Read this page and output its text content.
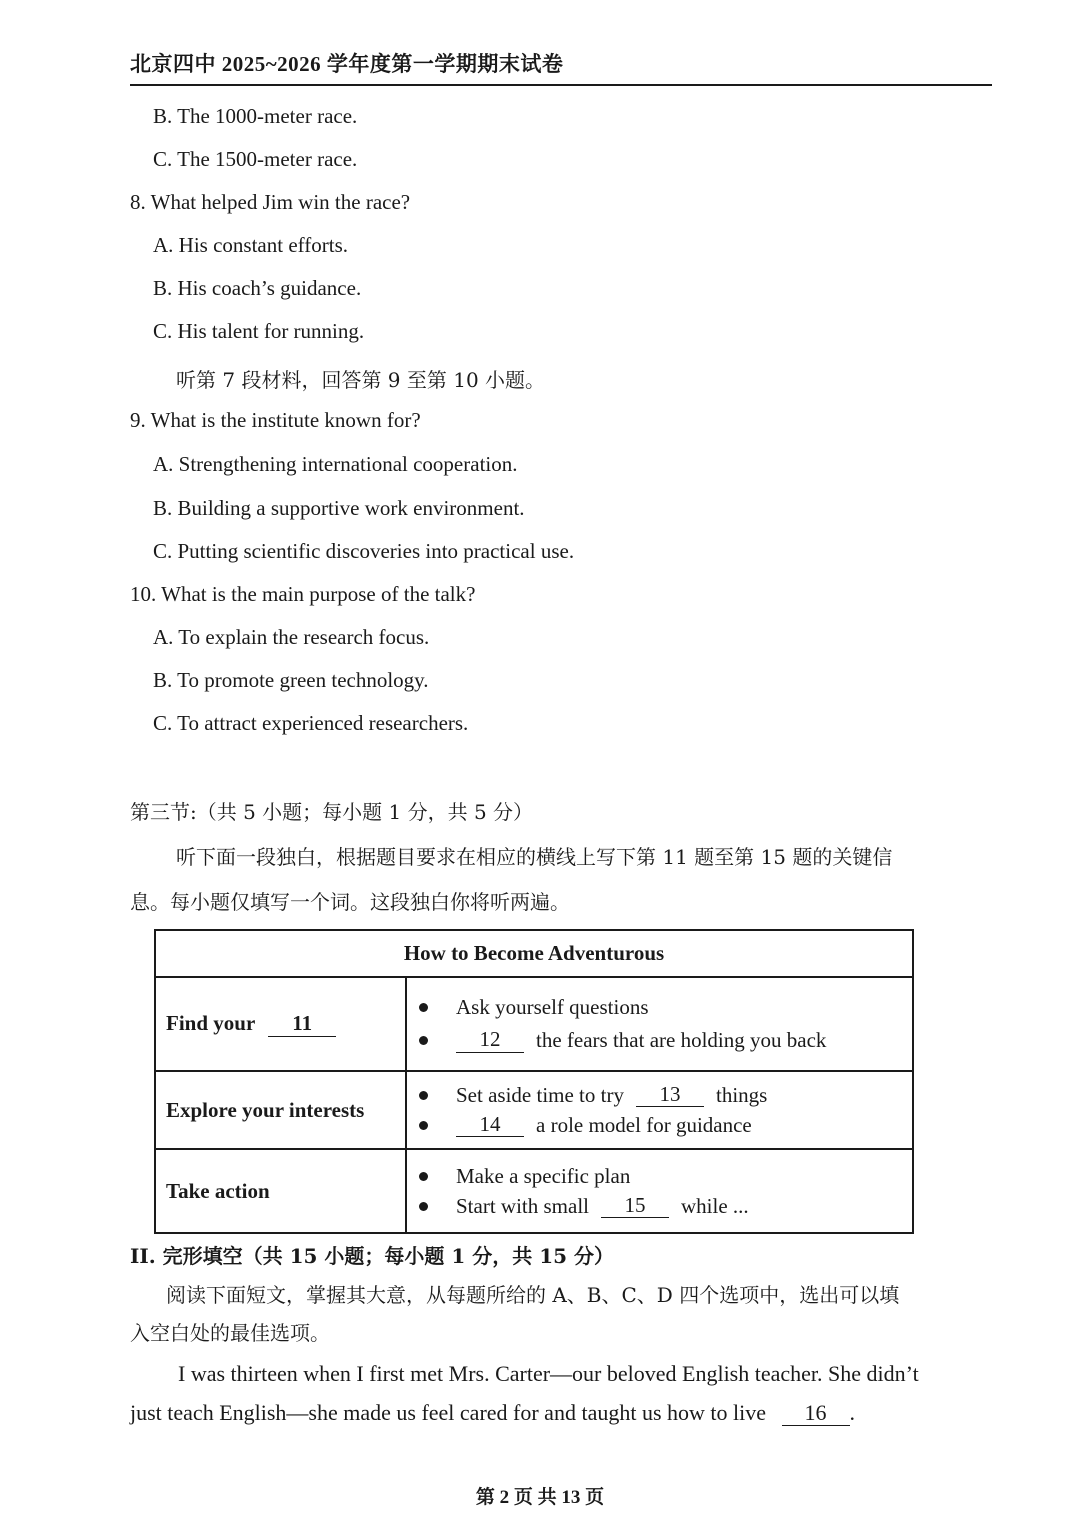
北京四中 2025~2026 学年度第一学期期末试卷
B. The 1000-meter race.
C. The 1500-meter race.
8. What helped Jim win the race?
A. His constant efforts.
B. His coach’s guidance.
C. His talent for running.
听第 7 段材料，回答第 9 至第 10 小题。
9. What is the institute known for?
A. Strengthening international cooperation.
B. Building a supportive work environment.
C. Putting scientific discoveries into practical use.
10. What is the main purpose of the talk?
A. To explain the research focus.
B. To promote green technology.
C. To attract experienced researchers.
第三节:（共 5 小题；每小题 1 分，共 5 分）
听下面一段独白，根据题目要求在相应的横线上写下第 11 题至第 15 题的关键信
息。每小题仅填写一个词。这段独白你将听两遍。
How to Become Adventurous	
Find your 11	Ask yourself questions
12 the fears that are holding you back

Explore your interests	Set aside time to try 13 things
14 a role model for guidance

Take action	Make a specific plan
Start with small 15 while ...
II. 完形填空（共 15 小题；每小题 1 分，共 15 分）
阅读下面短文，掌握其大意，从每题所给的 A、B、C、D 四个选项中，选出可以填
入空白处的最佳选项。
I was thirteen when I first met Mrs. Carter—our beloved English teacher. She didn’t
just teach English—she made us feel cared for and taught us how to live 16 .
第 2 页 共 13 页
